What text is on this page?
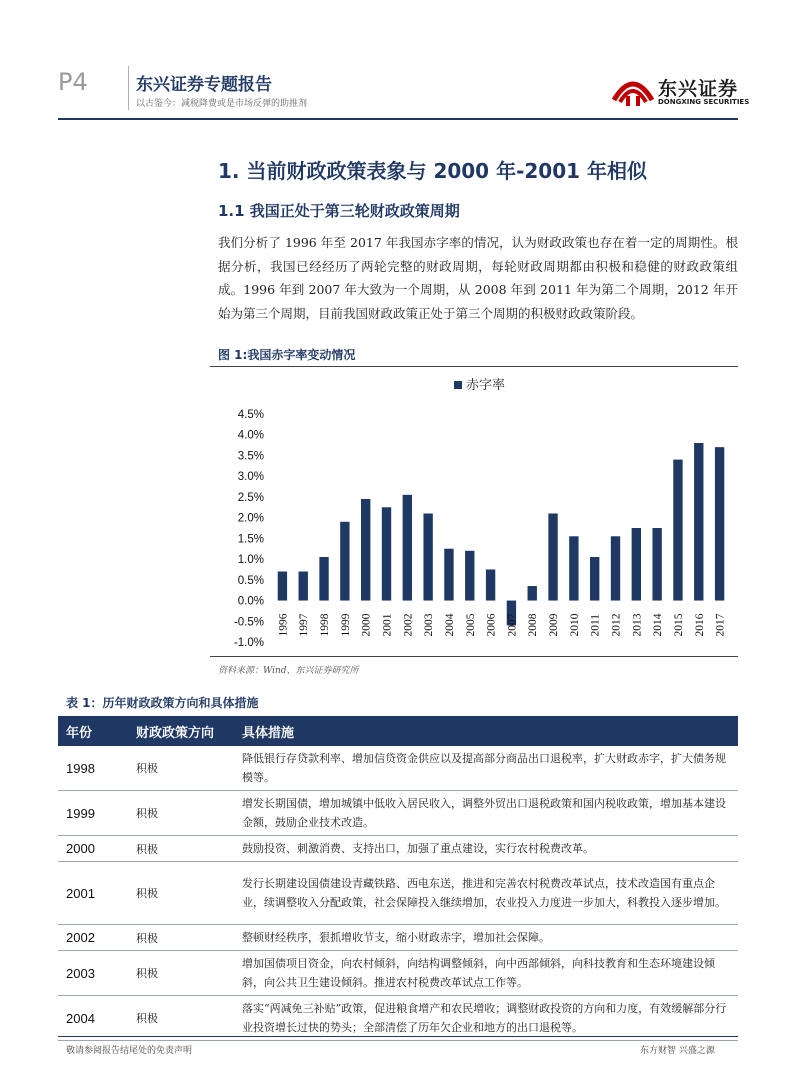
P4	东兴证券专题报告
以古鉴今：减税降费或是市场反弹的助推剂
东兴证券
DONGXING SECURITIES
1. 当前财政政策表象与 2000 年-2001 年相似
1.1 我国正处于第三轮财政政策周期
我们分析了 1996 年至 2017 年我国赤字率的情况，认为财政政策也存在着一定的周期性。根据分析，我国已经经历了两轮完整的财政周期，每轮财政周期都由积极和稳健的财政政策组成。1996 年到 2007 年大致为一个周期，从 2008 年到 2011 年为第二个周期，2012 年开始为第三个周期，目前我国财政政策正处于第三个周期的积极财政政策阶段。
图 1:我国赤字率变动情况
4.5%
4.0%
3.5%
3.0%
2.5%
2.0%
1.5%
1.0%
0.5%
0.0%
-0.5%
-1.0%
赤字率
1996 1997 1998 1999 2000 2001 2002 2003 2004 2005 2006 2007 2008 2009 2010 2011 2012 2013 2014 2015 2016 2017
资料来源：Wind、东兴证券研究所
表 1：历年财政政策方向和具体措施
年份	财政政策方向	具体措施
1998	积极	降低银行存贷款利率、增加信贷资金供应以及提高部分商品出口退税率，扩大财政赤字，扩大债务规模等。
1999	积极	增发长期国债，增加城镇中低收入居民收入，调整外贸出口退税政策和国内税收政策，增加基本建设金额，鼓励企业技术改造。
2000	积极	鼓励投资、刺激消费、支持出口，加强了重点建设，实行农村税费改革。
2001	积极	发行长期建设国债建设青藏铁路、西电东送，推进和完善农村税费改革试点，技术改造国有重点企业，续调整收入分配政策，社会保障投入继续增加，农业投入力度进一步加大，科教投入逐步增加。
2002	积极	整顿财经秩序，狠抓增收节支，缩小财政赤字，增加社会保障。
2003	积极	增加国债项目资金，向农村倾斜，向结构调整倾斜，向中西部倾斜，向科技教育和生态环境建设倾斜，向公共卫生建设倾斜。推进农村税费改革试点工作等。
2004	积极	落实“两减免三补贴”政策，促进粮食增产和农民增收；调整财政投资的方向和力度，有效缓解部分行业投资增长过快的势头；全部清偿了历年欠企业和地方的出口退税等。
敬请参阅报告结尾处的免责声明	东方财智 兴盛之源
